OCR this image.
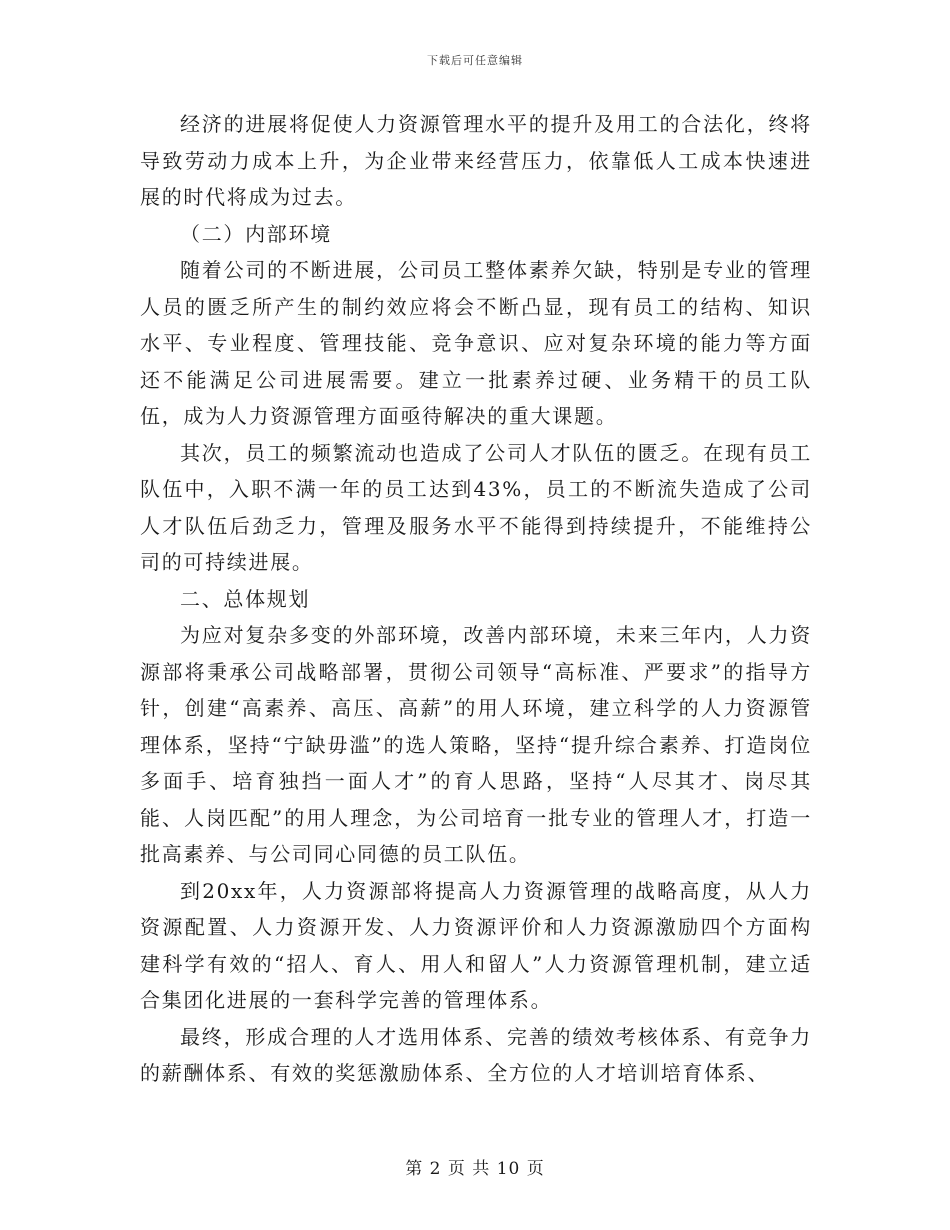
下载后可任意编辑

经济的进展将促使人力资源管理水平的提升及用工的合法化，终将导致劳动力成本上升，为企业带来经营压力，依靠低人工成本快速进展的时代将成为过去。

（二）内部环境

随着公司的不断进展，公司员工整体素养欠缺，特别是专业的管理人员的匮乏所产生的制约效应将会不断凸显，现有员工的结构、知识水平、专业程度、管理技能、竞争意识、应对复杂环境的能力等方面还不能满足公司进展需要。建立一批素养过硬、业务精干的员工队伍，成为人力资源管理方面亟待解决的重大课题。

其次，员工的频繁流动也造成了公司人才队伍的匮乏。在现有员工队伍中，入职不满一年的员工达到43%，员工的不断流失造成了公司人才队伍后劲乏力，管理及服务水平不能得到持续提升，不能维持公司的可持续进展。

二、总体规划

为应对复杂多变的外部环境，改善内部环境，未来三年内，人力资源部将秉承公司战略部署，贯彻公司领导“高标准、严要求”的指导方针，创建“高素养、高压、高薪”的用人环境，建立科学的人力资源管理体系，坚持“宁缺毋滥”的选人策略，坚持“提升综合素养、打造岗位多面手、培育独挡一面人才”的育人思路，坚持“人尽其才、岗尽其能、人岗匹配”的用人理念，为公司培育一批专业的管理人才，打造一批高素养、与公司同心同德的员工队伍。

到20xx年，人力资源部将提高人力资源管理的战略高度，从人力资源配置、人力资源开发、人力资源评价和人力资源激励四个方面构建科学有效的“招人、育人、用人和留人”人力资源管理机制，建立适合集团化进展的一套科学完善的管理体系。

最终，形成合理的人才选用体系、完善的绩效考核体系、有竞争力的薪酬体系、有效的奖惩激励体系、全方位的人才培训培育体系、

第 2 页 共 10 页
